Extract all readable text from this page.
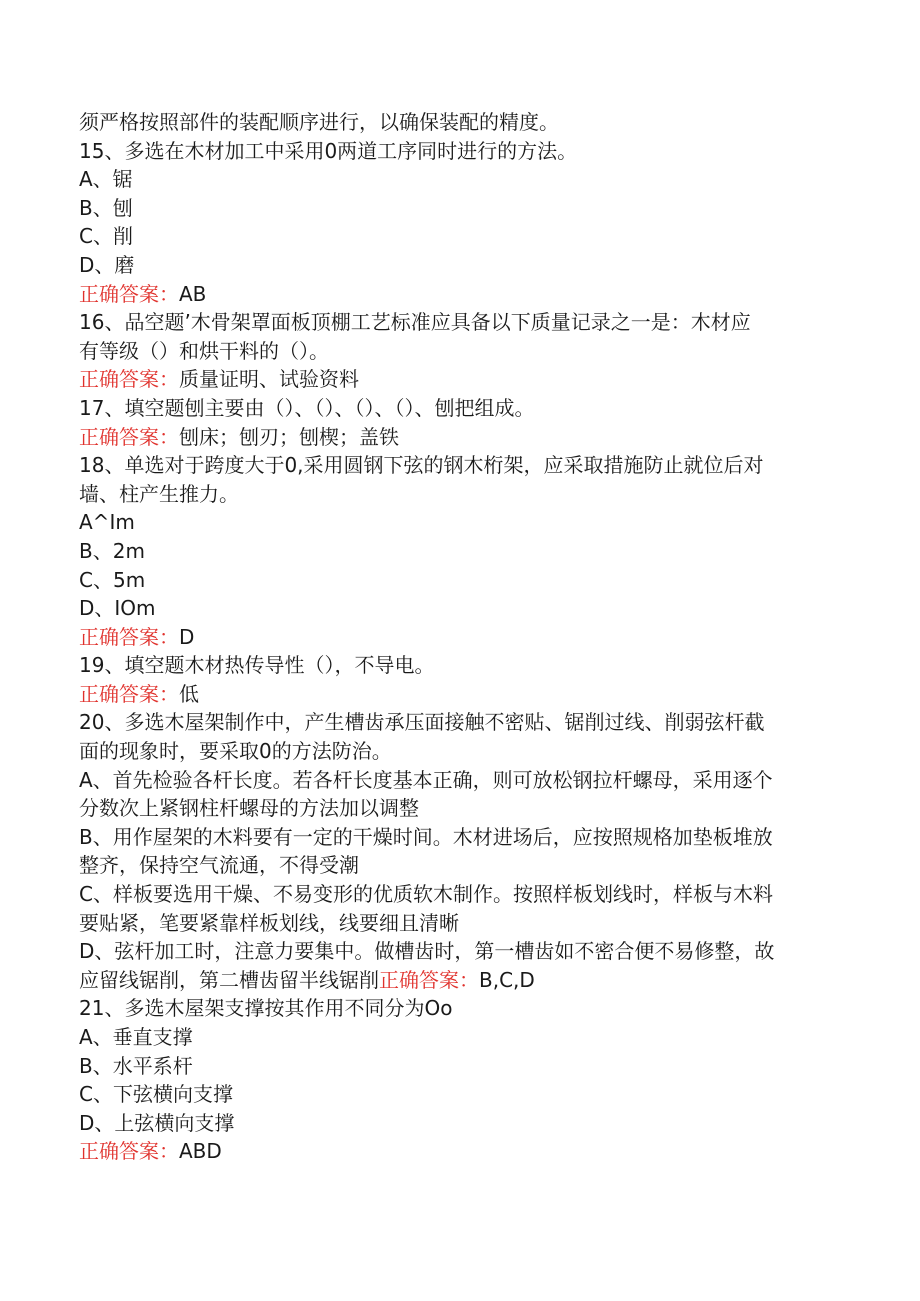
须严格按照部件的装配顺序进行，以确保装配的精度。
15、多选在木材加工中采用0两道工序同时进行的方法。
A、锯
B、刨
C、削
D、磨
正确答案：AB
16、品空题’木骨架罩面板顶棚工艺标准应具备以下质量记录之一是：木材应
有等级（）和烘干料的（）。
正确答案：质量证明、试验资料
17、填空题刨主要由（）、（）、（）、（）、刨把组成。
正确答案：刨床；刨刃；刨楔；盖铁
18、单选对于跨度大于0,采用圆钢下弦的钢木桁架，应采取措施防止就位后对
墙、柱产生推力。
A^Im
B、2m
C、5m
D、IOm
正确答案：D
19、填空题木材热传导性（），不导电。
正确答案：低
20、多选木屋架制作中，产生槽齿承压面接触不密贴、锯削过线、削弱弦杆截
面的现象时，要采取0的方法防治。
A、首先检验各杆长度。若各杆长度基本正确，则可放松钢拉杆螺母，采用逐个
分数次上紧钢柱杆螺母的方法加以调整
B、用作屋架的木料要有一定的干燥时间。木材进场后，应按照规格加垫板堆放
整齐，保持空气流通，不得受潮
C、样板要选用干燥、不易变形的优质软木制作。按照样板划线时，样板与木料
要贴紧，笔要紧靠样板划线，线要细且清晰
D、弦杆加工时，注意力要集中。做槽齿时，第一槽齿如不密合便不易修整，故
应留线锯削，第二槽齿留半线锯削正确答案：B,C,D
21、多选木屋架支撑按其作用不同分为Oo
A、垂直支撑
B、水平系杆
C、下弦横向支撑
D、上弦横向支撑
正确答案：ABD
